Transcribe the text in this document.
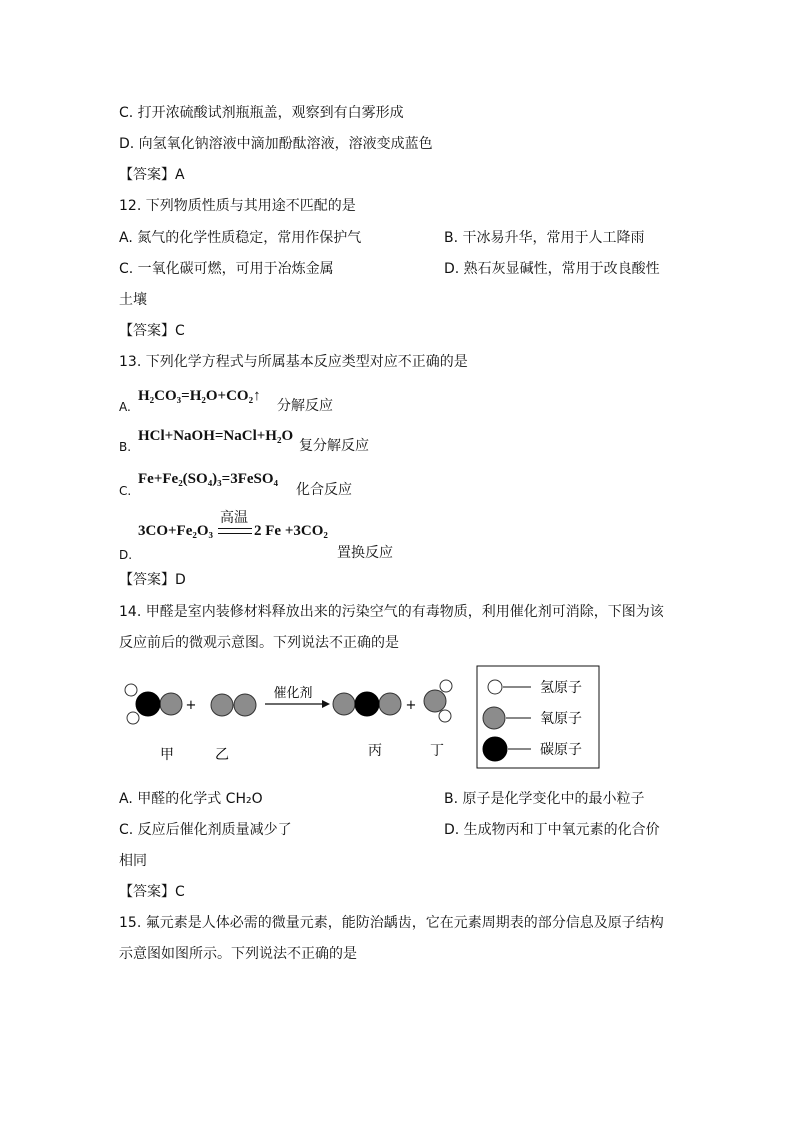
C. 打开浓硫酸试剂瓶瓶盖，观察到有白雾形成
D. 向氢氧化钠溶液中滴加酚酞溶液，溶液变成蓝色
【答案】A
12. 下列物质性质与其用途不匹配的是
A. 氮气的化学性质稳定，常用作保护气	B. 干冰易升华，常用于人工降雨
C. 一氧化碳可燃，可用于冶炼金属	D. 熟石灰显碱性，常用于改良酸性
土壤
【答案】C
13. 下列化学方程式与所属基本反应类型对应不正确的是
A.
H₂CO₃=H₂O+CO₂↑
分解反应
B.
HCl+NaOH=NaCl+H₂O
复分解反应
C.
Fe+Fe₂(SO₄)₃=3FeSO₄
化合反应
高温
3CO+Fe₂O₃	2 Fe +3CO₂
D.	置换反应
【答案】D
14. 甲醛是室内装修材料释放出来的污染空气的有毒物质，利用催化剂可消除，下图为该
反应前后的微观示意图。下列说法不正确的是
+
催化剂
+
甲	乙	丙	丁
氢原子
氧原子
碳原子
A. 甲醛的化学式 CH₂O	B. 原子是化学变化中的最小粒子
C. 反应后催化剂质量减少了	D. 生成物丙和丁中氧元素的化合价
相同
【答案】C
15. 氟元素是人体必需的微量元素，能防治龋齿，它在元素周期表的部分信息及原子结构
示意图如图所示。下列说法不正确的是
